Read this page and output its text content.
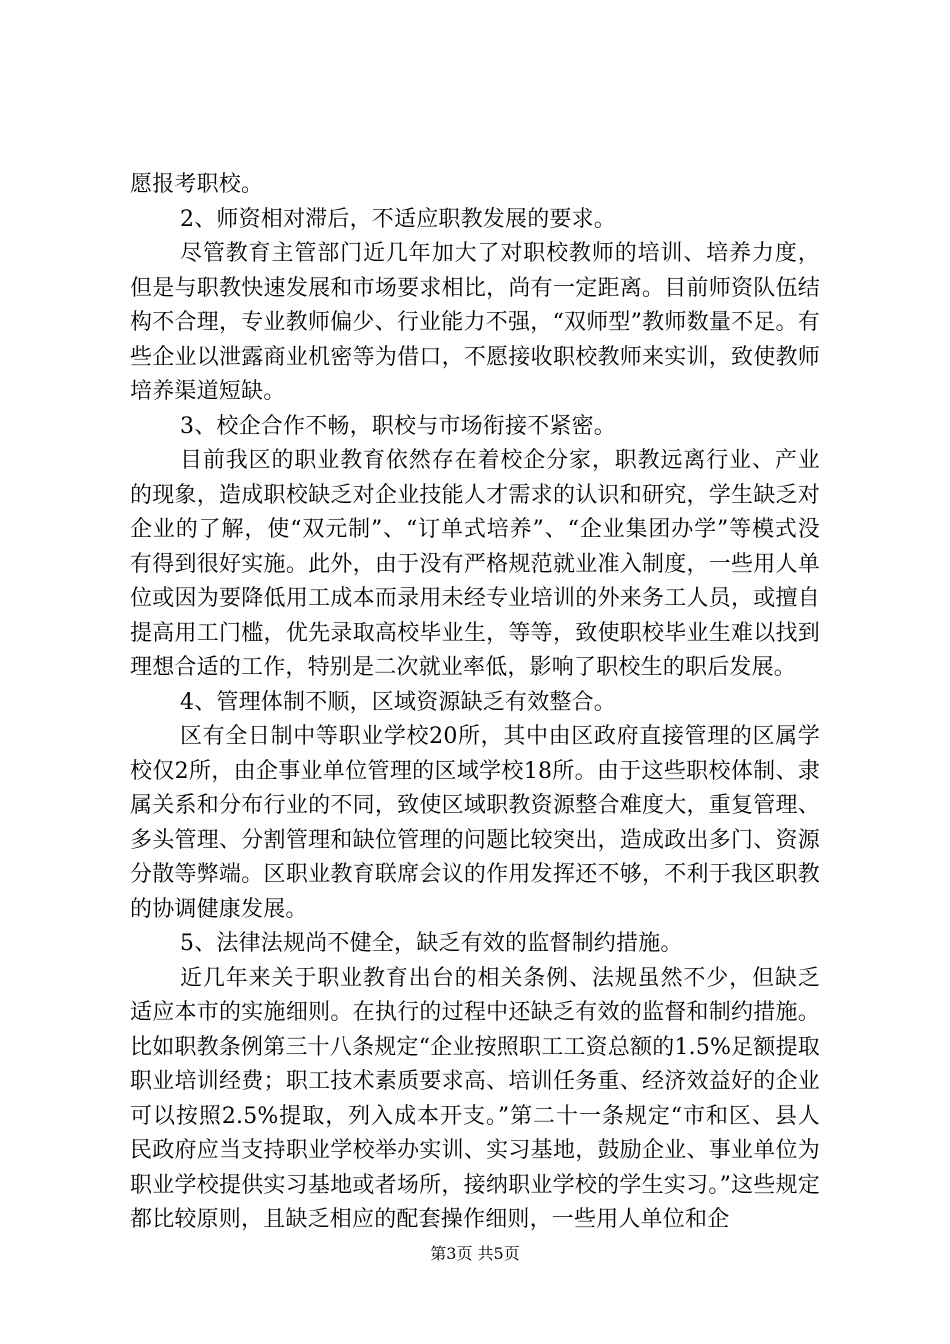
愿报考职校。

2、师资相对滞后，不适应职教发展的要求。

尽管教育主管部门近几年加大了对职校教师的培训、培养力度，但是与职教快速发展和市场要求相比，尚有一定距离。目前师资队伍结构不合理，专业教师偏少、行业能力不强，“双师型”教师数量不足。有些企业以泄露商业机密等为借口，不愿接收职校教师来实训，致使教师培养渠道短缺。

3、校企合作不畅，职校与市场衔接不紧密。

目前我区的职业教育依然存在着校企分家，职教远离行业、产业的现象，造成职校缺乏对企业技能人才需求的认识和研究，学生缺乏对企业的了解，使“双元制”、“订单式培养”、“企业集团办学”等模式没有得到很好实施。此外，由于没有严格规范就业准入制度，一些用人单位或因为要降低用工成本而录用未经专业培训的外来务工人员，或擅自提高用工门槛，优先录取高校毕业生，等等，致使职校毕业生难以找到理想合适的工作，特别是二次就业率低，影响了职校生的职后发展。

4、管理体制不顺，区域资源缺乏有效整合。

区有全日制中等职业学校20所，其中由区政府直接管理的区属学校仅2所，由企事业单位管理的区域学校18所。由于这些职校体制、隶属关系和分布行业的不同，致使区域职教资源整合难度大，重复管理、多头管理、分割管理和缺位管理的问题比较突出，造成政出多门、资源分散等弊端。区职业教育联席会议的作用发挥还不够，不利于我区职教的协调健康发展。

5、法律法规尚不健全，缺乏有效的监督制约措施。

近几年来关于职业教育出台的相关条例、法规虽然不少，但缺乏适应本市的实施细则。在执行的过程中还缺乏有效的监督和制约措施。比如职教条例第三十八条规定“企业按照职工工资总额的1.5%足额提取职业培训经费；职工技术素质要求高、培训任务重、经济效益好的企业可以按照2.5%提取，列入成本开支。”第二十一条规定“市和区、县人民政府应当支持职业学校举办实训、实习基地，鼓励企业、事业单位为职业学校提供实习基地或者场所，接纳职业学校的学生实习。”这些规定都比较原则，且缺乏相应的配套操作细则，一些用人单位和企

第3页 共5页
